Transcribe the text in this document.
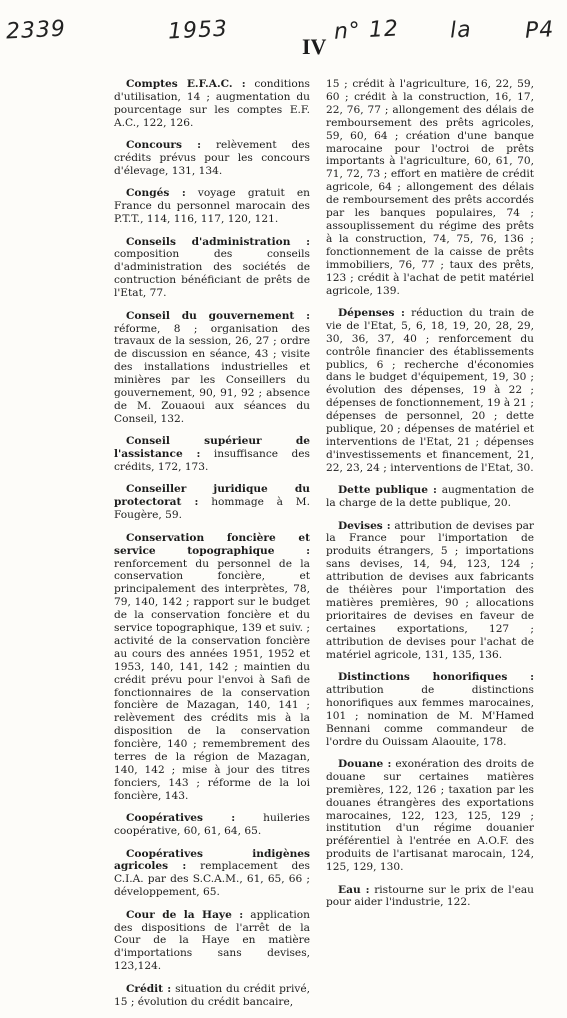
2339	1953	n° 12 la P4
IV

Comptes E.F.A.C. : conditions d'utilisation, 14 ; augmentation du pourcentage sur les comptes E.F. A.C., 122, 126.

Concours : relèvement des crédits prévus pour les concours d'élevage, 131, 134.

Congés : voyage gratuit en France du personnel marocain des P.T.T., 114, 116, 117, 120, 121.

Conseils d'administration : composition des conseils d'administration des sociétés de contruction bénéficiant de prêts de l'Etat, 77.

Conseil du gouvernement : réforme, 8 ; organisation des travaux de la session, 26, 27 ; ordre de discussion en séance, 43 ; visite des installations industrielles et minières par les Conseillers du gouvernement, 90, 91, 92 ; absence de M. Zouaoui aux séances du Conseil, 132.

Conseil supérieur de l'assistance : insuffisance des crédits, 172, 173.

Conseiller juridique du protectorat : hommage à M. Fougère, 59.

Conservation foncière et service topographique : renforcement du personnel de la conservation foncière, et principalement des interprètes, 78, 79, 140, 142 ; rapport sur le budget de la conservation foncière et du service topographique, 139 et suiv. ; activité de la conservation foncière au cours des années 1951, 1952 et 1953, 140, 141, 142 ; maintien du crédit prévu pour l'envoi à Safi de fonctionnaires de la conservation foncière de Mazagan, 140, 141 ; relèvement des crédits mis à la disposition de la conservation foncière, 140 ; remembrement des terres de la région de Mazagan, 140, 142 ; mise à jour des titres fonciers, 143 ; réforme de la loi foncière, 143.

Coopératives : huileries coopérative, 60, 61, 64, 65.

Coopératives indigènes agricoles : remplacement des C.I.A. par des S.C.A.M., 61, 65, 66 ; développement, 65.

Cour de la Haye : application des dispositions de l'arrêt de la Cour de la Haye en matière d'importations sans devises, 123,124.

Crédit : situation du crédit privé, 15 ; évolution du crédit bancaire,

15 ; crédit à l'agriculture, 16, 22, 59, 60 ; crédit à la construction, 16, 17, 22, 76, 77 ; allongement des délais de remboursement des prêts agricoles, 59, 60, 64 ; création d'une banque marocaine pour l'octroi de prêts importants à l'agriculture, 60, 61, 70, 71, 72, 73 ; effort en matière de crédit agricole, 64 ; allongement des délais de remboursement des prêts accordés par les banques populaires, 74 ; assouplissement du régime des prêts à la construction, 74, 75, 76, 136 ; fonctionnement de la caisse de prêts immobiliers, 76, 77 ; taux des prêts, 123 ; crédit à l'achat de petit matériel agricole, 139.

Dépenses : réduction du train de vie de l'Etat, 5, 6, 18, 19, 20, 28, 29, 30, 36, 37, 40 ; renforcement du contrôle financier des établissements publics, 6 ; recherche d'économies dans le budget d'équipement, 19, 30 ; évolution des dépenses, 19 à 22 ; dépenses de fonctionnement, 19 à 21 ; dépenses de personnel, 20 ; dette publique, 20 ; dépenses de matériel et interventions de l'Etat, 21 ; dépenses d'investissements et financement, 21, 22, 23, 24 ; interventions de l'Etat, 30.

Dette publique : augmentation de la charge de la dette publique, 20.

Devises : attribution de devises par la France pour l'importation de produits étrangers, 5 ; importations sans devises, 14, 94, 123, 124 ; attribution de devises aux fabricants de théières pour l'importation des matières premières, 90 ; allocations prioritaires de devises en faveur de certaines exportations, 127 ; attribution de devises pour l'achat de matériel agricole, 131, 135, 136.

Distinctions honorifiques : attribution de distinctions honorifiques aux femmes marocaines, 101 ; nomination de M. M'Hamed Bennani comme commandeur de l'ordre du Ouissam Alaouite, 178.

Douane : exonération des droits de douane sur certaines matières premières, 122, 126 ; taxation par les douanes étrangères des exportations marocaines, 122, 123, 125, 129 ; institution d'un régime douanier préférentiel à l'entrée en A.O.F. des produits de l'artisanat marocain, 124, 125, 129, 130.

Eau : ristourne sur le prix de l'eau pour aider l'industrie, 122.
